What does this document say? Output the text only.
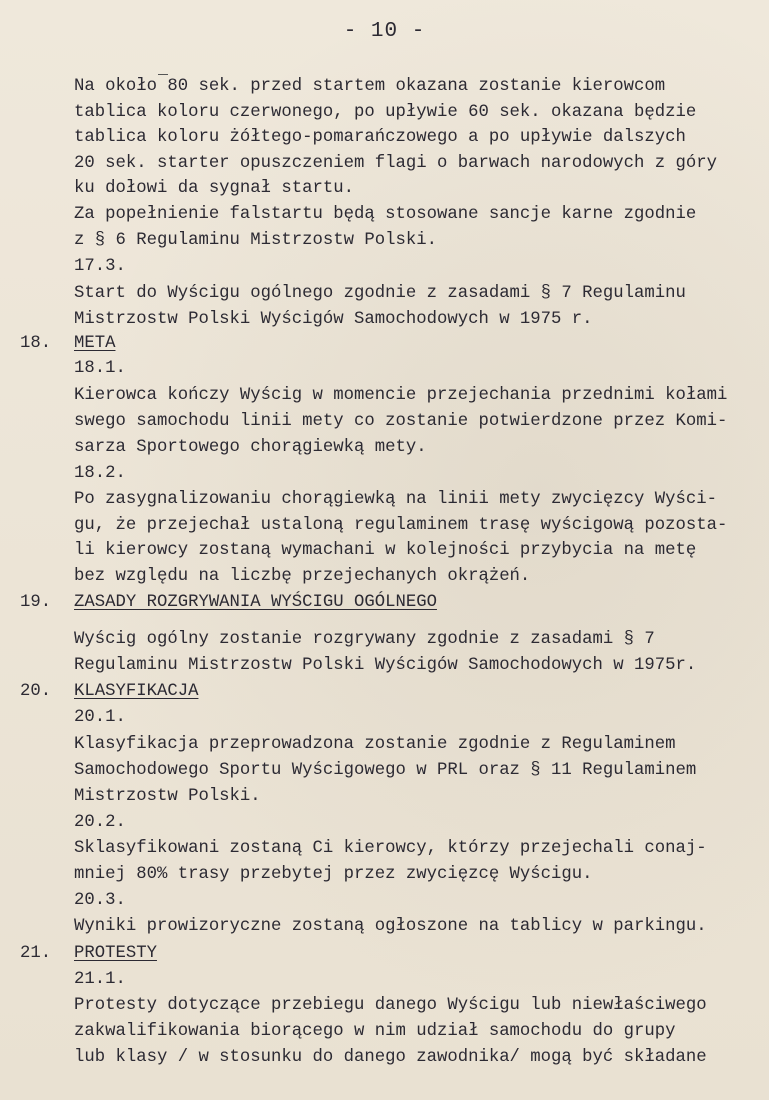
- 10 -
Na około 80 sek. przed startem okazana zostanie kierowcom
tablica koloru czerwonego, po upływie 60 sek. okazana będzie
tablica koloru żółtego-pomarańczowego a po upływie dalszych
20 sek. starter opuszczeniem flagi o barwach narodowych z góry
ku dołowi da sygnał startu.
Za popełnienie falstartu będą stosowane sancje karne zgodnie
z § 6 Regulaminu Mistrzostw Polski.
17.3.
Start do Wyścigu ogólnego zgodnie z zasadami § 7 Regulaminu
Mistrzostw Polski Wyścigów Samochodowych w 1975 r.
18. META
18.1.
Kierowca kończy Wyścig w momencie przejechania przednimi kołami
swego samochodu linii mety co zostanie potwierdzone przez Komi-
sarza Sportowego chorągiewką mety.
18.2.
Po zasygnalizowaniu chorągiewką na linii mety zwycięzcy Wyści-
gu, że przejechał ustaloną regulaminem trasę wyścigową pozosta-
li kierowcy zostaną wymachani w kolejności przybycia na metę
bez względu na liczbę przejechanych okrążeń.
19. ZASADY ROZGRYWANIA WYŚCIGU OGÓLNEGO
Wyścig ogólny zostanie rozgrywany zgodnie z zasadami § 7
Regulaminu Mistrzostw Polski Wyścigów Samochodowych w 1975r.
20. KLASYFIKACJA
20.1.
Klasyfikacja przeprowadzona zostanie zgodnie z Regulaminem
Samochodowego Sportu Wyścigowego w PRL oraz § 11 Regulaminem
Mistrzostw Polski.
20.2.
Sklasyfikowani zostaną Ci kierowcy, którzy przejechali conaj-
mniej 80% trasy przebytej przez zwycięzcę Wyścigu.
20.3.
Wyniki prowizoryczne zostaną ogłoszone na tablicy w parkingu.
21. PROTESTY
21.1.
Protesty dotyczące przebiegu danego Wyścigu lub niewłaściwego
zakwalifikowania biorącego w nim udział samochodu do grupy
lub klasy / w stosunku do danego zawodnika/ mogą być składane
